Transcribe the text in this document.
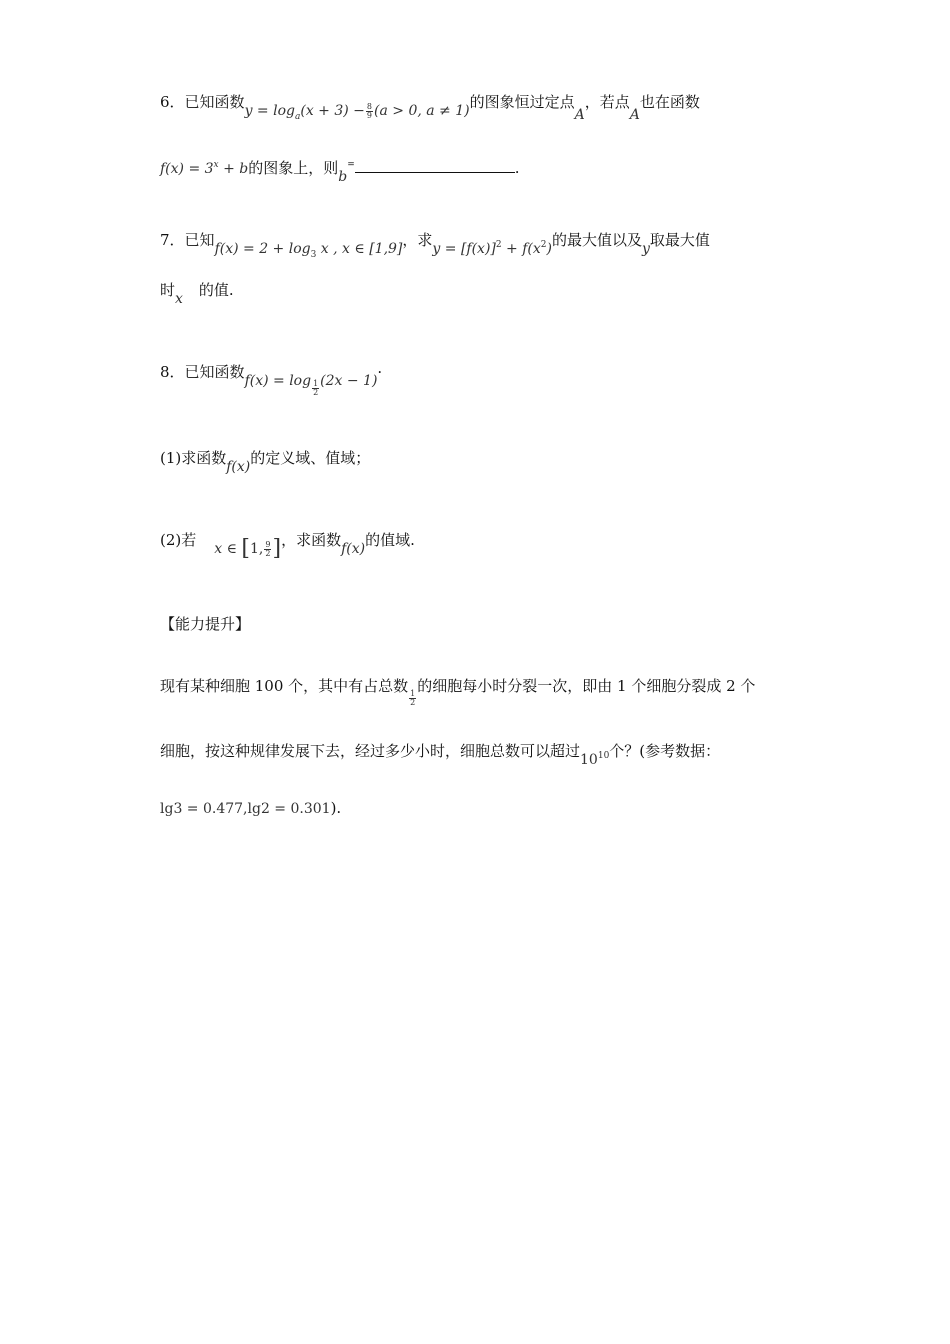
6．已知函数$y = \log_a(x + 3) - \frac{8}{9} (a > 0$, a ≠ 1)的图象恒过定点A，若点A也在函数
$f(x) = 3^x + b$的图象上，则b=	.
7．已知$f(x) = 2 + \log_3 x$ , x ∈ [1,9]，求$y = [f(x)]^2 + f(x^2)$的最大值以及y取最大值
时x 的值.
8．已知函数$f(x) = \log \frac{1}{2} (2x - 1)\cdot$
(1)求函数f(x)的定义域、值域；
(2)若 x ∈ [1, $\frac{9}{2}$ ]，求函数f(x)的值域.
【能力提升】
现有某种细胞 100 个，其中有占总数
$\frac{1}{2}$
的细胞每小时分裂一次，即由 1 个细胞分裂成 2 个
细胞，按这种规律发展下去，经过多少小时，细胞总数可以超过$10^{10}$个？(参考数据：
lg3 = 0.477,lg2 = 0.301).
